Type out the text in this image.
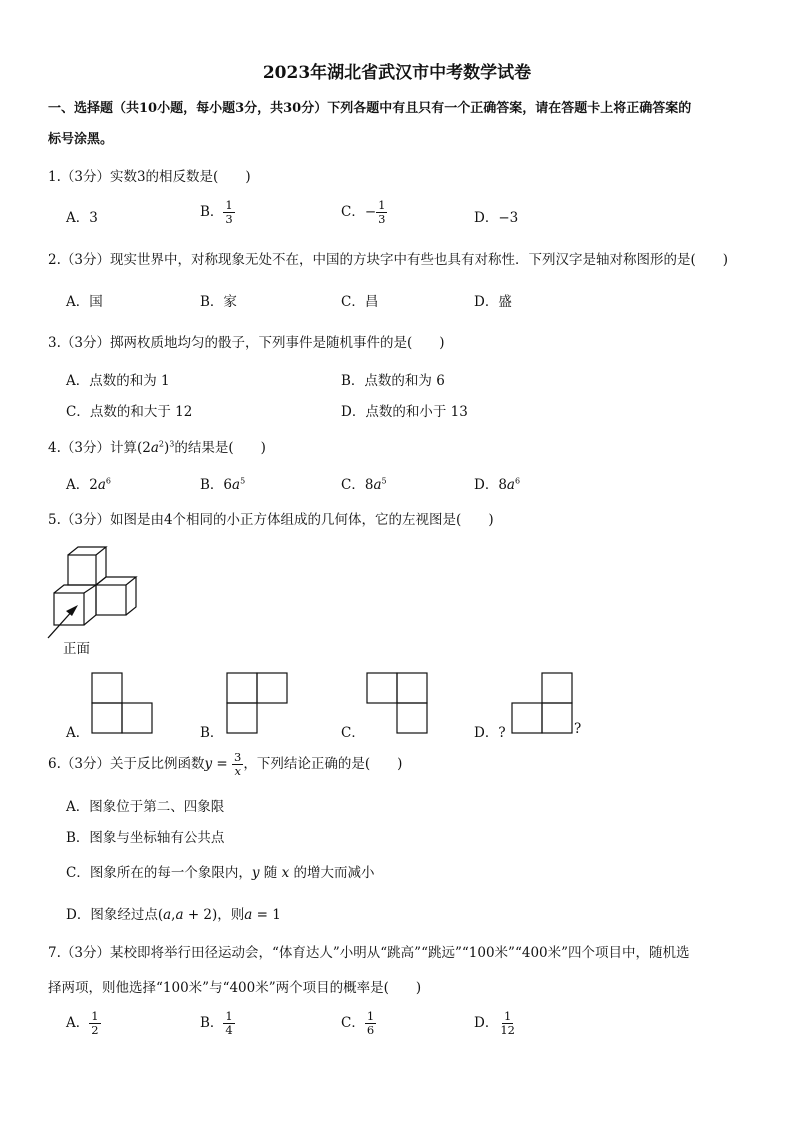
2023年湖北省武汉市中考数学试卷
一、选择题（共10小题，每小题3分，共30分）下列各题中有且只有一个正确答案，请在答题卡上将正确答案的
标号涂黑。
1.（3分）实数3的相反数是(　　)
A．3	B． $\frac{1}{3}$	C．− $\frac{1}{3}$	D．−3
2.（3分）现实世界中，对称现象无处不在，中国的方块字中有些也具有对称性．下列汉字是轴对称图形的是(　　)
A．国	B．家	C．昌	D．盛
3.（3分）掷两枚质地均匀的骰子，下列事件是随机事件的是(　　)
A．点数的和为 1	B．点数的和为 6
C．点数的和大于 12	D．点数的和小于 13
4.（3分）计算$(2a^2)^3$的结果是(　　)
A．$2a^6$	B．$6a^5$	C．$8a^5$	D．$8a^6$
5.（3分）如图是由4个相同的小正方体组成的几何体，它的左视图是(　　)
正面
A．	B．	C．	D．?	?
6.（3分）关于反比例函数$y = \frac{3}{x}$ ，下列结论正确的是(　　)
A．图象位于第二、四象限
B．图象与坐标轴有公共点
C．图象所在的每一个象限内，y 随 x 的增大而减小
D．图象经过点(a,a + 2)，则a = 1
7.（3分）某校即将举行田径运动会，“体育达人”小明从“跳高”“跳远”“100米”“400米”四个项目中，随机选
择两项，则他选择“100米”与“400米”两个项目的概率是(　　)
A． $\frac{1}{2}$	B． $\frac{1}{4}$	C． $\frac{1}{6}$	D． $\frac{1}{12}$
